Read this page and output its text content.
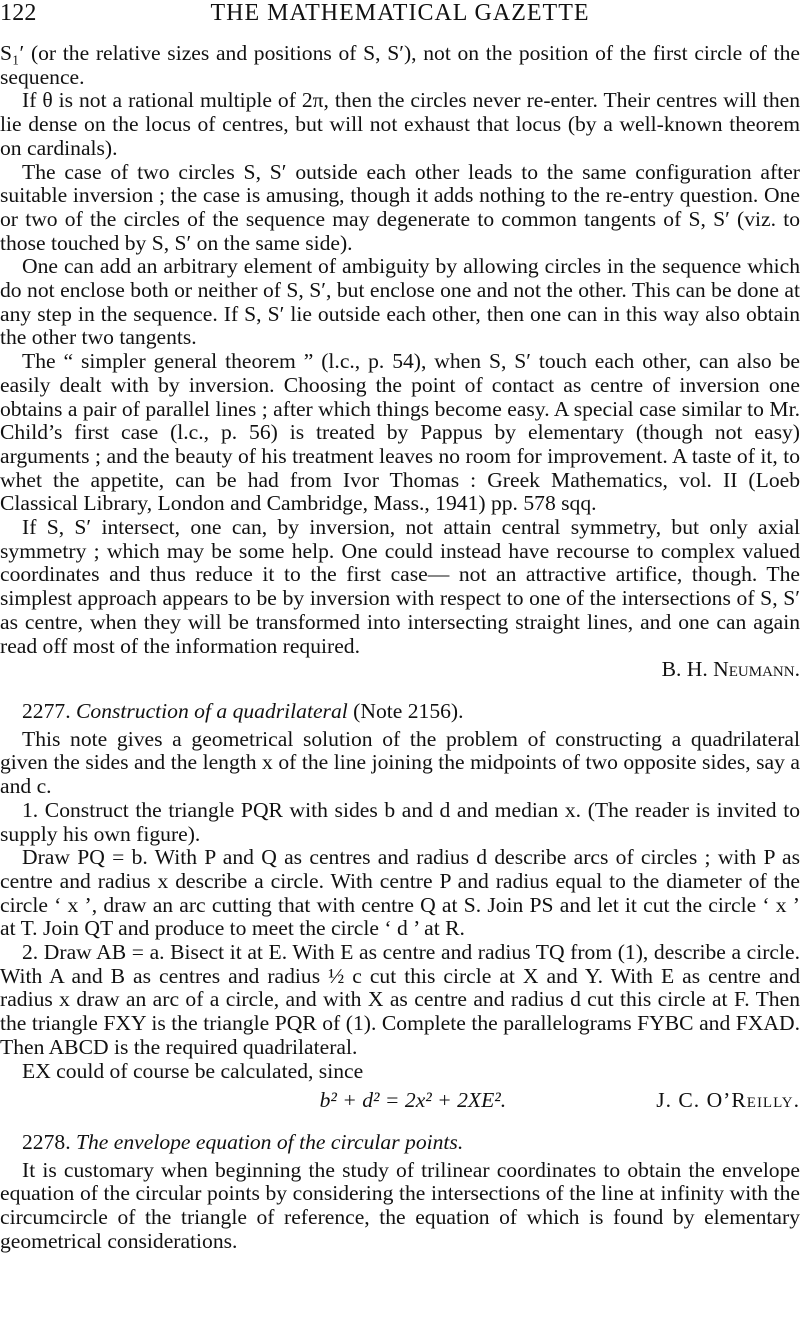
122	THE MATHEMATICAL GAZETTE

S₁′ (or the relative sizes and positions of S, S′), not on the position of the first circle of the sequence.

If θ is not a rational multiple of 2π, then the circles never re-enter. Their centres will then lie dense on the locus of centres, but will not exhaust that locus (by a well-known theorem on cardinals).

The case of two circles S, S′ outside each other leads to the same configuration after suitable inversion ; the case is amusing, though it adds nothing to the re-entry question. One or two of the circles of the sequence may degenerate to common tangents of S, S′ (viz. to those touched by S, S′ on the same side).

One can add an arbitrary element of ambiguity by allowing circles in the sequence which do not enclose both or neither of S, S′, but enclose one and not the other. This can be done at any step in the sequence. If S, S′ lie outside each other, then one can in this way also obtain the other two tangents.

The “ simpler general theorem ” (l.c., p. 54), when S, S′ touch each other, can also be easily dealt with by inversion. Choosing the point of contact as centre of inversion one obtains a pair of parallel lines ; after which things become easy. A special case similar to Mr. Child’s first case (l.c., p. 56) is treated by Pappus by elementary (though not easy) arguments ; and the beauty of his treatment leaves no room for improvement. A taste of it, to whet the appetite, can be had from Ivor Thomas : Greek Mathematics, vol. II (Loeb Classical Library, London and Cambridge, Mass., 1941) pp. 578 sqq.

If S, S′ intersect, one can, by inversion, not attain central symmetry, but only axial symmetry ; which may be some help. One could instead have recourse to complex valued coordinates and thus reduce it to the first case— not an attractive artifice, though. The simplest approach appears to be by inversion with respect to one of the intersections of S, S′ as centre, when they will be transformed into intersecting straight lines, and one can again read off most of the information required.

B. H. Neumann.
2277. Construction of a quadrilateral (Note 2156).

This note gives a geometrical solution of the problem of constructing a quadrilateral given the sides and the length x of the line joining the midpoints of two opposite sides, say a and c.

1. Construct the triangle PQR with sides b and d and median x. (The reader is invited to supply his own figure).

Draw PQ = b. With P and Q as centres and radius d describe arcs of circles ; with P as centre and radius x describe a circle. With centre P and radius equal to the diameter of the circle ‘ x ’, draw an arc cutting that with centre Q at S. Join PS and let it cut the circle ‘ x ’ at T. Join QT and produce to meet the circle ‘ d ’ at R.

2. Draw AB = a. Bisect it at E. With E as centre and radius TQ from (1), describe a circle. With A and B as centres and radius ½ c cut this circle at X and Y. With E as centre and radius x draw an arc of a circle, and with X as centre and radius d cut this circle at F. Then the triangle FXY is the triangle PQR of (1). Complete the parallelograms FYBC and FXAD. Then ABCD is the required quadrilateral.

EX could of course be calculated, since

b² + d² = 2x² + 2XE².	J. C. O’Reilly.
2278. The envelope equation of the circular points.

It is customary when beginning the study of trilinear coordinates to obtain the envelope equation of the circular points by considering the intersections of the line at infinity with the circumcircle of the triangle of reference, the equation of which is found by elementary geometrical considerations.
